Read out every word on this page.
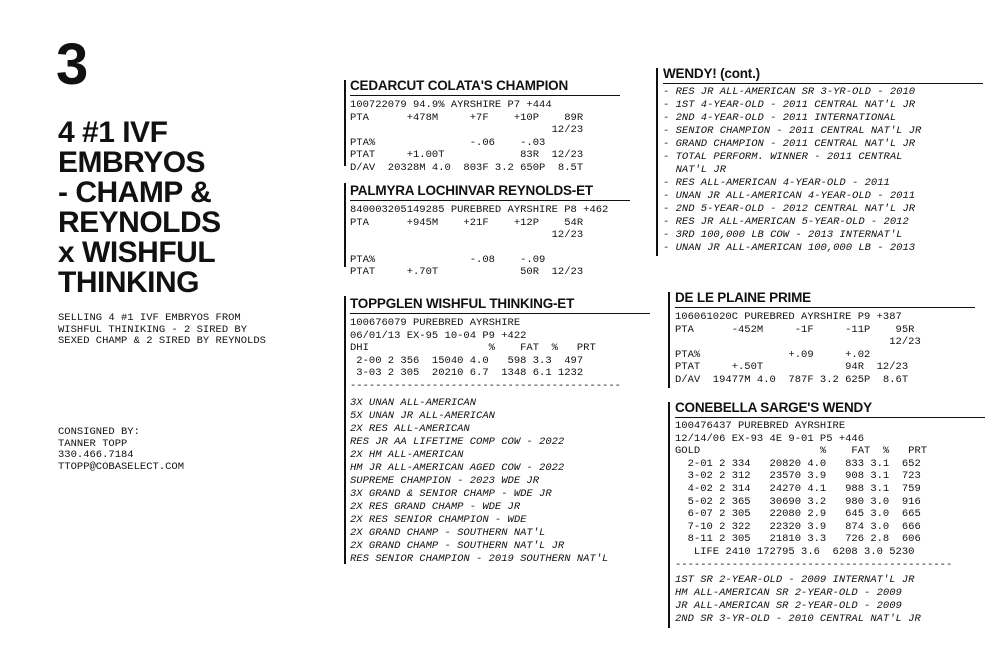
3
4 #1 IVF
EMBRYOS
- CHAMP &
REYNOLDS
x WISHFUL
THINKING
SELLING 4 #1 IVF EMBRYOS FROM
WISHFUL THINIKING - 2 SIRED BY
SEXED CHAMP & 2 SIRED BY REYNOLDS
CONSIGNED BY:
TANNER TOPP
330.466.7184
TTOPP@COBASELECT.COM
CEDARCUT COLATA'S CHAMPION
100722079 94.9% AYRSHIRE P7 +444
PTA      +478M     +7F    +10P    89R
12/23
PTA%               -.06    -.03
PTAT     +1.00T            83R  12/23
D/AV  20328M 4.0  803F 3.2 650P  8.5T
PALMYRA LOCHINVAR REYNOLDS-ET
840003205149285 PUREBRED AYRSHIRE P8 +462
PTA      +945M    +21F    +12P    54R
12/23
PTA%               -.08    -.09
PTAT     +.70T             50R  12/23
TOPPGLEN WISHFUL THINKING-ET
100676079 PUREBRED AYRSHIRE
06/01/13 EX-95 10-04 P9 +422
DHI                   %    FAT  %   PRT
2-00 2 356  15040 4.0   598 3.3  497
3-03 2 305  20210 6.7  1348 6.1 1232
-------------------------------------------
3X UNAN ALL-AMERICAN
5X UNAN JR ALL-AMERICAN
2X RES ALL-AMERICAN
RES JR AA LIFETIME COMP COW - 2022
2X HM ALL-AMERICAN
HM JR ALL-AMERICAN AGED COW - 2022
SUPREME CHAMPION - 2023 WDE JR
3X GRAND & SENIOR CHAMP - WDE JR
2X RES GRAND CHAMP - WDE JR
2X RES SENIOR CHAMPION - WDE
2X GRAND CHAMP - SOUTHERN NAT'L
2X GRAND CHAMP - SOUTHERN NAT'L JR
RES SENIOR CHAMPION - 2019 SOUTHERN NAT'L
WENDY! (cont.)
- RES JR ALL-AMERICAN SR 3-YR-OLD - 2010
- 1ST 4-YEAR-OLD - 2011 CENTRAL NAT'L JR
- 2ND 4-YEAR-OLD - 2011 INTERNATIONAL
- SENIOR CHAMPION - 2011 CENTRAL NAT'L JR
- GRAND CHAMPION - 2011 CENTRAL NAT'L JR
- TOTAL PERFORM. WINNER - 2011 CENTRAL
NAT'L JR
- RES ALL-AMERICAN 4-YEAR-OLD - 2011
- UNAN JR ALL-AMERICAN 4-YEAR-OLD - 2011
- 2ND 5-YEAR-OLD - 2012 CENTRAL NAT'L JR
- RES JR ALL-AMERICAN 5-YEAR-OLD - 2012
- 3RD 100,000 LB COW - 2013 INTERNAT'L
- UNAN JR ALL-AMERICAN 100,000 LB - 2013
DE LE PLAINE PRIME
106061020C PUREBRED AYRSHIRE P9 +387
PTA      -452M     -1F     -11P    95R
12/23
PTA%              +.09     +.02
PTAT     +.50T             94R  12/23
D/AV  19477M 4.0  787F 3.2 625P  8.6T
CONEBELLA SARGE'S WENDY
100476437 PUREBRED AYRSHIRE
12/14/06 EX-93 4E 9-01 P5 +446
GOLD                   %    FAT  %   PRT
2-01 2 334   20820 4.0   833 3.1  652
3-02 2 312   23570 3.9   908 3.1  723
4-02 2 314   24270 4.1   988 3.1  759
5-02 2 365   30690 3.2   980 3.0  916
6-07 2 305   22080 2.9   645 3.0  665
7-10 2 322   22320 3.9   874 3.0  666
8-11 2 305   21810 3.3   726 2.8  606
LIFE 2410 172795 3.6  6208 3.0 5230
--------------------------------------------
1ST SR 2-YEAR-OLD - 2009 INTERNAT'L JR
HM ALL-AMERICAN SR 2-YEAR-OLD - 2009
JR ALL-AMERICAN SR 2-YEAR-OLD - 2009
2ND SR 3-YR-OLD - 2010 CENTRAL NAT'L JR
